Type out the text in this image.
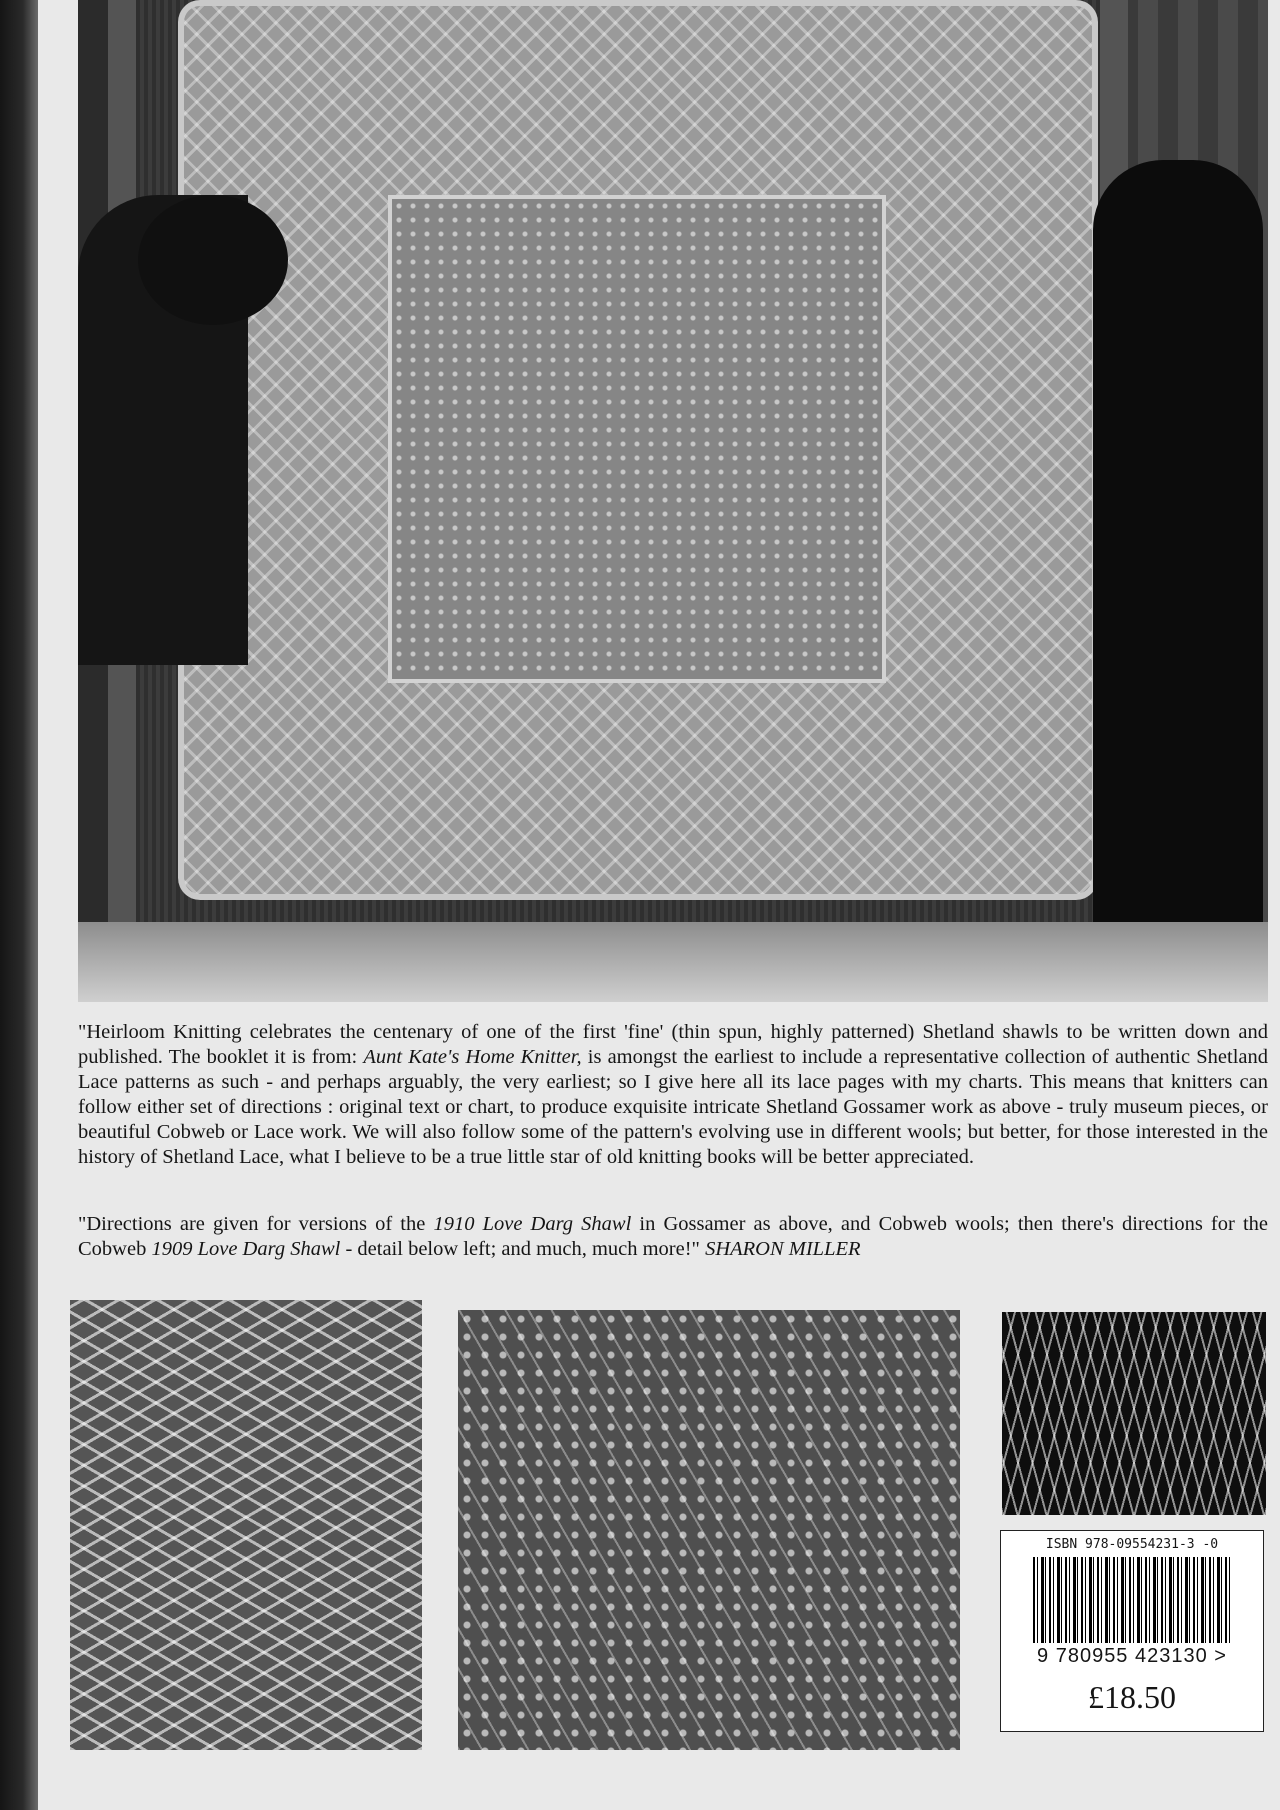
"Heirloom Knitting celebrates the centenary of one of the first 'fine' (thin spun, highly patterned) Shetland shawls to be written down and published. The booklet it is from: Aunt Kate's Home Knitter, is amongst the earliest to include a representative collection of authentic Shetland Lace patterns as such - and perhaps arguably, the very earliest; so I give here all its lace pages with my charts. This means that knitters can follow either set of directions : original text or chart, to produce exquisite intricate Shetland Gossamer work as above - truly museum pieces, or beautiful Cobweb or Lace work. We will also follow some of the pattern's evolving use in different wools; but better, for those interested in the history of Shetland Lace, what I believe to be a true little star of old knitting books will be better appreciated.

"Directions are given for versions of the 1910 Love Darg Shawl in Gossamer as above, and Cobweb wools; then there's directions for the Cobweb 1909 Love Darg Shawl - detail below left; and much, much more!" SHARON MILLER

ISBN 978-09554231-3 -0
9 780955 423130 >
£18.50
